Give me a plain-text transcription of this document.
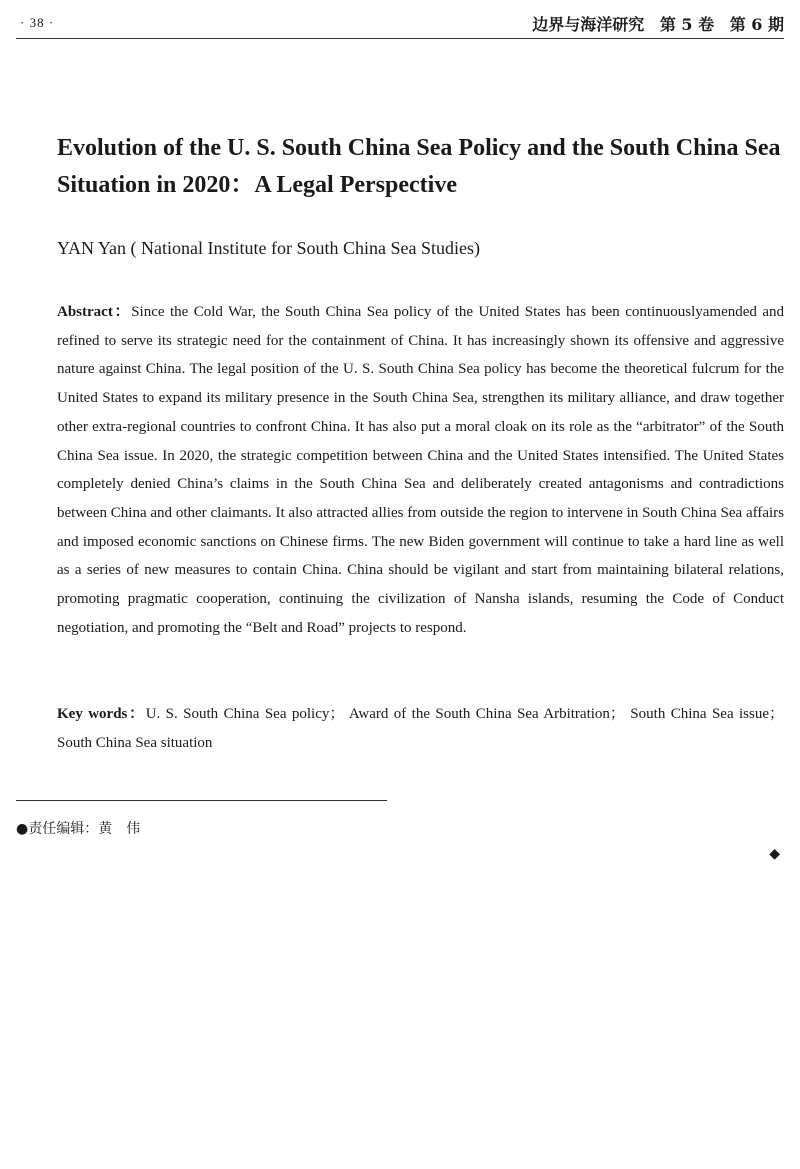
· 38 ·	边界与海洋研究 第 5 卷 第 6 期
Evolution of the U. S. South China Sea Policy and the South China Sea Situation in 2020：A Legal Perspective
YAN Yan ( National Institute for South China Sea Studies)

Abstract：Since the Cold War, the South China Sea policy of the United States has been continuouslyamended and refined to serve its strategic need for the containment of China. It has increasingly shown its offensive and aggressive nature against China. The legal position of the U. S. South China Sea policy has become the theoretical fulcrum for the United States to expand its military presence in the South China Sea, strengthen its military alliance, and draw together other extra-regional countries to confront China. It has also put a moral cloak on its role as the “arbitrator” of the South China Sea issue. In 2020, the strategic competition between China and the United States intensified. The United States completely denied China’s claims in the South China Sea and deliberately created antagonisms and contradictions between China and other claimants. It also attracted allies from outside the region to intervene in South China Sea affairs and imposed economic sanctions on Chinese firms. The new Biden government will continue to take a hard line as well as a series of new measures to contain China. China should be vigilant and start from maintaining bilateral relations, promoting pragmatic cooperation, continuing the civilization of Nansha islands, resuming the Code of Conduct negotiation, and promoting the “Belt and Road” projects to respond.

Key words：U. S. South China Sea policy； Award of the South China Sea Arbitration； South China Sea issue； South China Sea situation

●责任编辑：黄　伟
◆
